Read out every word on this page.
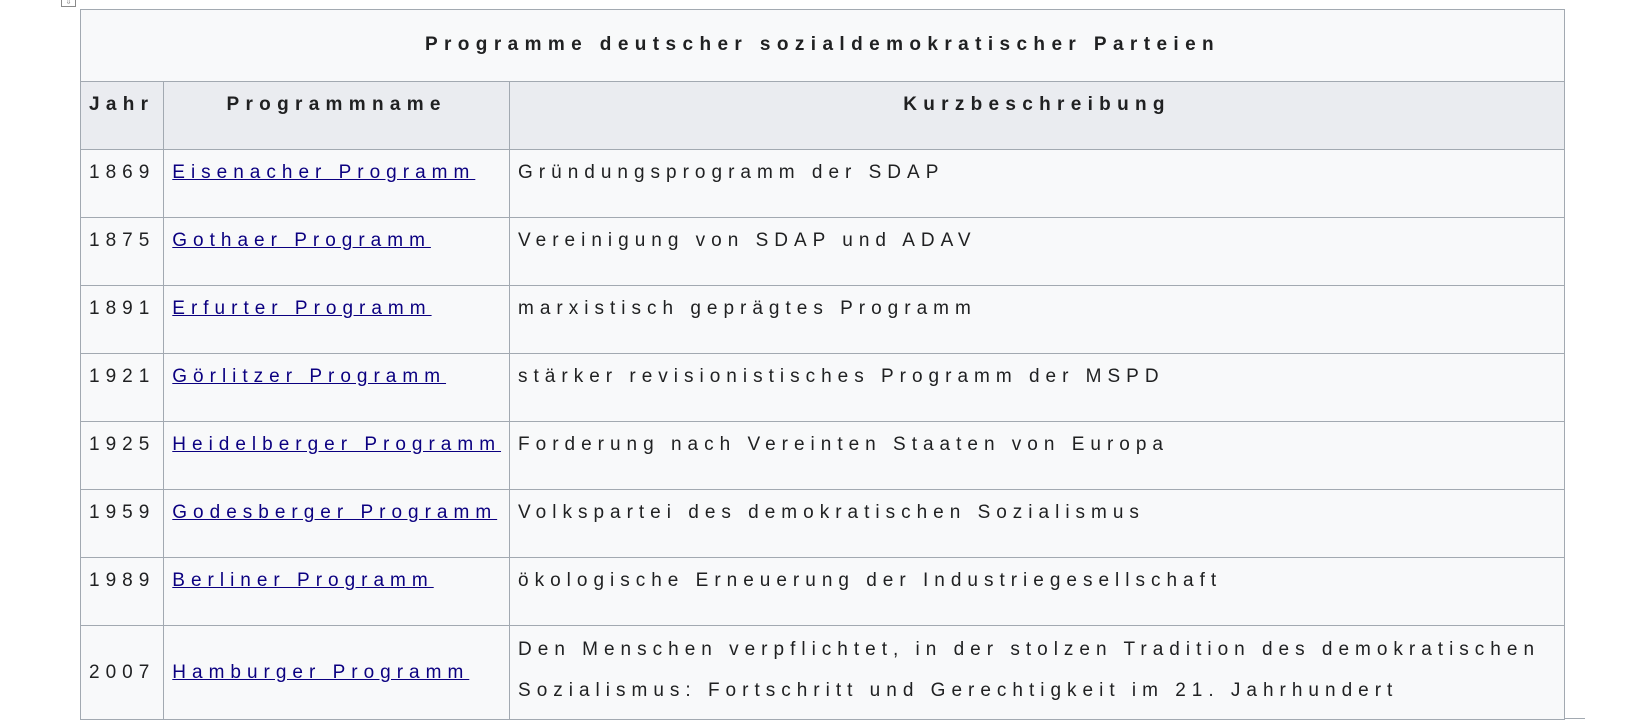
⇩
Programme deutscher sozialdemokratischer Parteien
Jahr	Programmname	Kurzbeschreibung
1869	Eisenacher Programm	Gründungsprogramm der SDAP
1875	Gothaer Programm	Vereinigung von SDAP und ADAV
1891	Erfurter Programm	marxistisch geprägtes Programm
1921	Görlitzer Programm	stärker revisionistisches Programm der MSPD
1925	Heidelberger Programm	Forderung nach Vereinten Staaten von Europa
1959	Godesberger Programm	Volkspartei des demokratischen Sozialismus
1989	Berliner Programm	ökologische Erneuerung der Industriegesellschaft
2007	Hamburger Programm	Den Menschen verpflichtet, in der stolzen Tradition des demokratischen Sozialismus: Fortschritt und Gerechtigkeit im 21. Jahrhundert
